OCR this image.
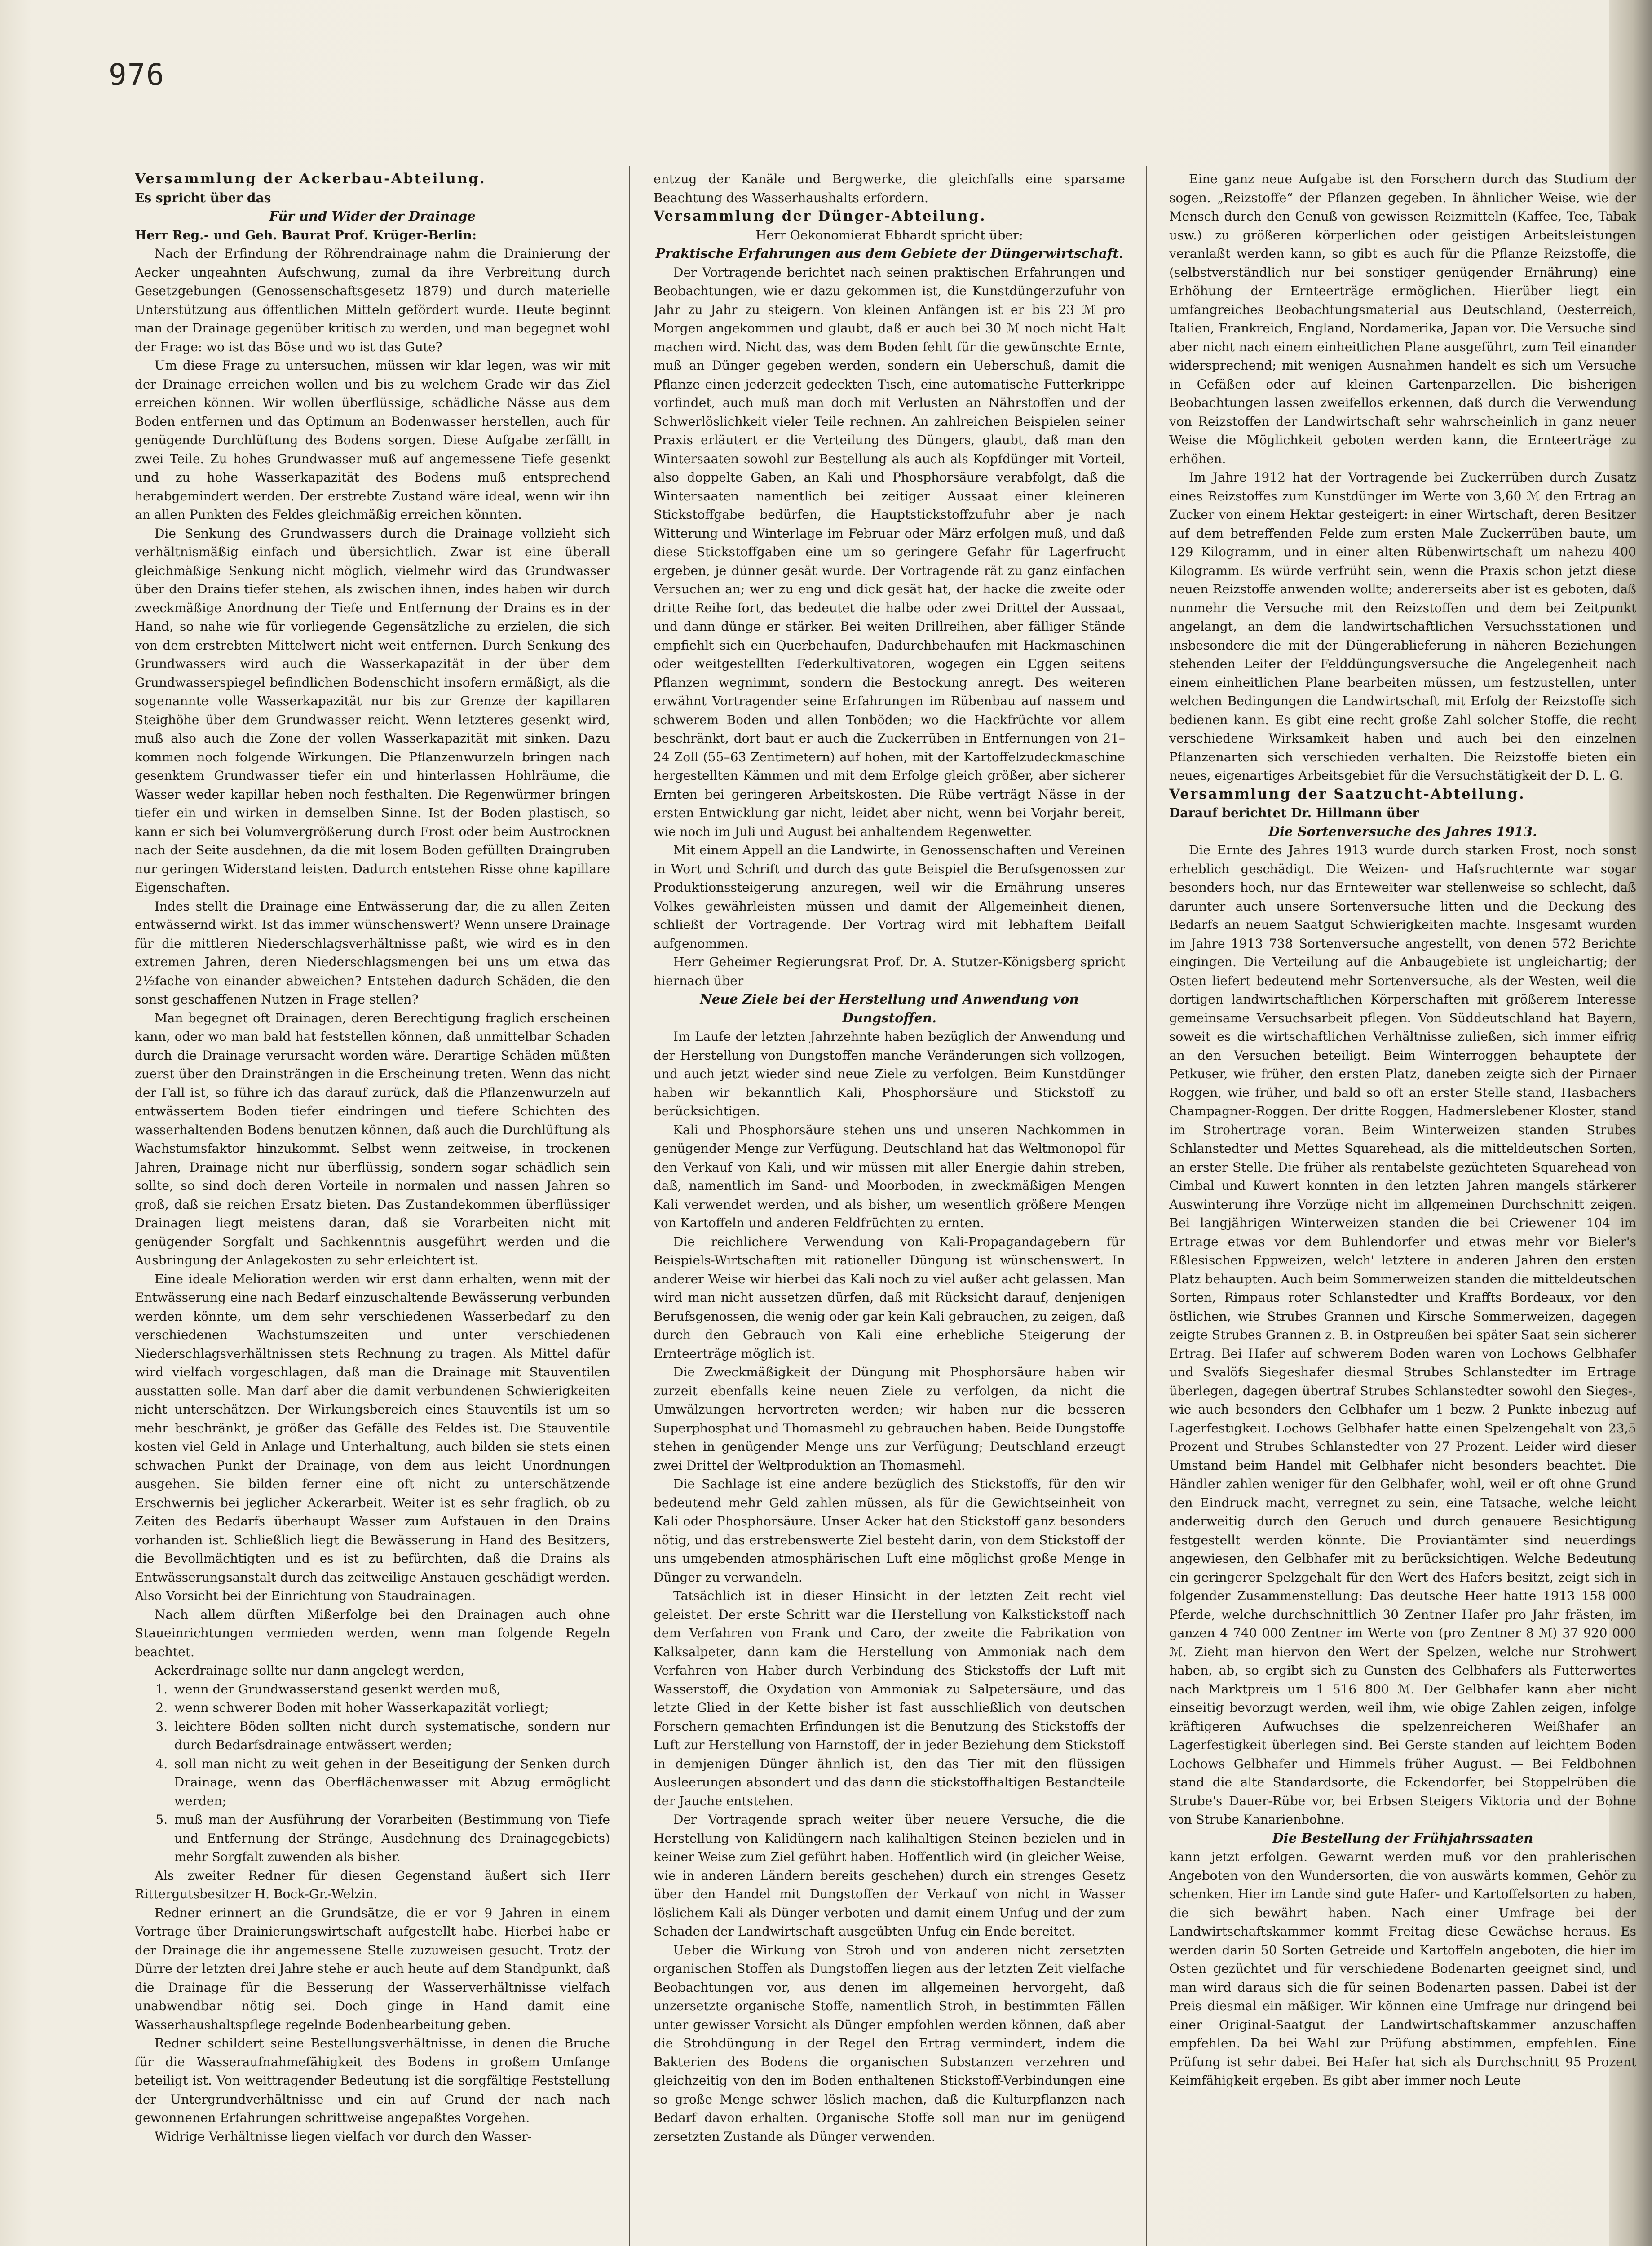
976
Versammlung der Ackerbau-Abteilung.

Es spricht über das

Für und Wider der Drainage

Herr Reg.- und Geh. Baurat Prof. Krüger-Berlin:

Nach der Erfindung der Röhrendrainage nahm die Drainierung der Aecker ungeahnten Aufschwung, zumal da ihre Verbreitung durch Gesetzgebungen (Genossenschaftsgesetz 1879) und durch materielle Unterstützung aus öffentlichen Mitteln gefördert wurde. Heute beginnt man der Drainage gegenüber kritisch zu werden, und man begegnet wohl der Frage: wo ist das Böse und wo ist das Gute?

Um diese Frage zu untersuchen, müssen wir klar legen, was wir mit der Drainage erreichen wollen und bis zu welchem Grade wir das Ziel erreichen können. Wir wollen überflüssige, schädliche Nässe aus dem Boden entfernen und das Optimum an Bodenwasser herstellen, auch für genügende Durchlüftung des Bodens sorgen. Diese Aufgabe zerfällt in zwei Teile. Zu hohes Grundwasser muß auf angemessene Tiefe gesenkt und zu hohe Wasserkapazität des Bodens muß entsprechend herabgemindert werden. Der erstrebte Zustand wäre ideal, wenn wir ihn an allen Punkten des Feldes gleichmäßig erreichen könnten.

Die Senkung des Grundwassers durch die Drainage vollzieht sich verhältnismäßig einfach und übersichtlich. Zwar ist eine überall gleichmäßige Senkung nicht möglich, vielmehr wird das Grundwasser über den Drains tiefer stehen, als zwischen ihnen, indes haben wir durch zweckmäßige Anordnung der Tiefe und Entfernung der Drains es in der Hand, so nahe wie für vorliegende Gegensätzliche zu erzielen, die sich von dem erstrebten Mittelwert nicht weit entfernen. Durch Senkung des Grundwassers wird auch die Wasserkapazität in der über dem Grundwasserspiegel befindlichen Bodenschicht insofern ermäßigt, als die sogenannte volle Wasserkapazität nur bis zur Grenze der kapillaren Steighöhe über dem Grundwasser reicht. Wenn letzteres gesenkt wird, muß also auch die Zone der vollen Wasserkapazität mit sinken. Dazu kommen noch folgende Wirkungen. Die Pflanzenwurzeln bringen nach gesenktem Grundwasser tiefer ein und hinterlassen Hohlräume, die Wasser weder kapillar heben noch festhalten. Die Regenwürmer bringen tiefer ein und wirken in demselben Sinne. Ist der Boden plastisch, so kann er sich bei Volumvergrößerung durch Frost oder beim Austrocknen nach der Seite ausdehnen, da die mit losem Boden gefüllten Draingruben nur geringen Widerstand leisten. Dadurch entstehen Risse ohne kapillare Eigenschaften.

Indes stellt die Drainage eine Entwässerung dar, die zu allen Zeiten entwässernd wirkt. Ist das immer wünschenswert? Wenn unsere Drainage für die mittleren Niederschlagsverhältnisse paßt, wie wird es in den extremen Jahren, deren Niederschlagsmengen bei uns um etwa das 2½fache von einander abweichen? Entstehen dadurch Schäden, die den sonst geschaffenen Nutzen in Frage stellen?

Man begegnet oft Drainagen, deren Berechtigung fraglich erscheinen kann, oder wo man bald hat feststellen können, daß unmittelbar Schaden durch die Drainage verursacht worden wäre. Derartige Schäden müßten zuerst über den Drainsträngen in die Erscheinung treten. Wenn das nicht der Fall ist, so führe ich das darauf zurück, daß die Pflanzenwurzeln auf entwässertem Boden tiefer eindringen und tiefere Schichten des wasserhaltenden Bodens benutzen können, daß auch die Durchlüftung als Wachstumsfaktor hinzukommt. Selbst wenn zeitweise, in trockenen Jahren, Drainage nicht nur überflüssig, sondern sogar schädlich sein sollte, so sind doch deren Vorteile in normalen und nassen Jahren so groß, daß sie reichen Ersatz bieten. Das Zustandekommen überflüssiger Drainagen liegt meistens daran, daß sie Vorarbeiten nicht mit genügender Sorgfalt und Sachkenntnis ausgeführt werden und die Ausbringung der Anlagekosten zu sehr erleichtert ist.

Eine ideale Melioration werden wir erst dann erhalten, wenn mit der Entwässerung eine nach Bedarf einzuschaltende Bewässerung verbunden werden könnte, um dem sehr verschiedenen Wasserbedarf zu den verschiedenen Wachstumszeiten und unter verschiedenen Niederschlagsverhältnissen stets Rechnung zu tragen. Als Mittel dafür wird vielfach vorgeschlagen, daß man die Drainage mit Stauventilen ausstatten solle. Man darf aber die damit verbundenen Schwierigkeiten nicht unterschätzen. Der Wirkungsbereich eines Stauventils ist um so mehr beschränkt, je größer das Gefälle des Feldes ist. Die Stauventile kosten viel Geld in Anlage und Unterhaltung, auch bilden sie stets einen schwachen Punkt der Drainage, von dem aus leicht Unordnungen ausgehen. Sie bilden ferner eine oft nicht zu unterschätzende Erschwernis bei jeglicher Ackerarbeit. Weiter ist es sehr fraglich, ob zu Zeiten des Bedarfs überhaupt Wasser zum Aufstauen in den Drains vorhanden ist. Schließlich liegt die Bewässerung in Hand des Besitzers, die Bevollmächtigten und es ist zu befürchten, daß die Drains als Entwässerungsanstalt durch das zeitweilige Anstauen geschädigt werden. Also Vorsicht bei der Einrichtung von Staudrainagen.

Nach allem dürften Mißerfolge bei den Drainagen auch ohne Staueinrichtungen vermieden werden, wenn man folgende Regeln beachtet.

Ackerdrainage sollte nur dann angelegt werden,

1. wenn der Grundwasserstand gesenkt werden muß,
2. wenn schwerer Boden mit hoher Wasserkapazität vorliegt;
3. leichtere Böden sollten nicht durch systematische, sondern nur durch Bedarfsdrainage entwässert werden;
4. soll man nicht zu weit gehen in der Beseitigung der Senken durch Drainage, wenn das Oberflächenwasser mit Abzug ermöglicht werden;
5. muß man der Ausführung der Vorarbeiten (Bestimmung von Tiefe und Entfernung der Stränge, Ausdehnung des Drainagegebiets) mehr Sorgfalt zuwenden als bisher.

Als zweiter Redner für diesen Gegenstand äußert sich Herr Rittergutsbesitzer H. Bock-Gr.-Welzin.

Redner erinnert an die Grundsätze, die er vor 9 Jahren in einem Vortrage über Drainierungswirtschaft aufgestellt habe. Hierbei habe er der Drainage die ihr angemessene Stelle zuzuweisen gesucht. Trotz der Dürre der letzten drei Jahre stehe er auch heute auf dem Standpunkt, daß die Drainage für die Besserung der Wasserverhältnisse vielfach unabwendbar nötig sei. Doch ginge in Hand damit eine Wasserhaushaltspflege regelnde Bodenbearbeitung geben.

Redner schildert seine Bestellungsverhältnisse, in denen die Bruche für die Wasseraufnahmefähigkeit des Bodens in großem Umfange beteiligt ist. Von weittragender Bedeutung ist die sorgfältige Feststellung der Untergrundverhältnisse und ein auf Grund der nach nach gewonnenen Erfahrungen schrittweise angepaßtes Vorgehen.

Widrige Verhältnisse liegen vielfach vor durch den Wasser-

entzug der Kanäle und Bergwerke, die gleichfalls eine sparsame Beachtung des Wasserhaushalts erfordern.

Versammlung der Dünger-Abteilung.

Herr Oekonomierat Ebhardt spricht über:

Praktische Erfahrungen aus dem Gebiete der Düngerwirtschaft.

Der Vortragende berichtet nach seinen praktischen Erfahrungen und Beobachtungen, wie er dazu gekommen ist, die Kunstdüngerzufuhr von Jahr zu Jahr zu steigern. Von kleinen Anfängen ist er bis 23 ℳ pro Morgen angekommen und glaubt, daß er auch bei 30 ℳ noch nicht Halt machen wird. Nicht das, was dem Boden fehlt für die gewünschte Ernte, muß an Dünger gegeben werden, sondern ein Ueberschuß, damit die Pflanze einen jederzeit gedeckten Tisch, eine automatische Futterkrippe vorfindet, auch muß man doch mit Verlusten an Nährstoffen und der Schwerlöslichkeit vieler Teile rechnen. An zahlreichen Beispielen seiner Praxis erläutert er die Verteilung des Düngers, glaubt, daß man den Wintersaaten sowohl zur Bestellung als auch als Kopfdünger mit Vorteil, also doppelte Gaben, an Kali und Phosphorsäure verabfolgt, daß die Wintersaaten namentlich bei zeitiger Aussaat einer kleineren Stickstoffgabe bedürfen, die Hauptstickstoffzufuhr aber je nach Witterung und Winterlage im Februar oder März erfolgen muß, und daß diese Stickstoffgaben eine um so geringere Gefahr für Lagerfrucht ergeben, je dünner gesät wurde. Der Vortragende rät zu ganz einfachen Versuchen an; wer zu eng und dick gesät hat, der hacke die zweite oder dritte Reihe fort, das bedeutet die halbe oder zwei Drittel der Aussaat, und dann dünge er stärker. Bei weiten Drillreihen, aber fälliger Stände empfiehlt sich ein Querbehaufen, Dadurchbehaufen mit Hackmaschinen oder weitgestellten Federkultivatoren, wogegen ein Eggen seitens Pflanzen wegnimmt, sondern die Bestockung anregt. Des weiteren erwähnt Vortragender seine Erfahrungen im Rübenbau auf nassem und schwerem Boden und allen Tonböden; wo die Hackfrüchte vor allem beschränkt, dort baut er auch die Zuckerrüben in Entfernungen von 21–24 Zoll (55–63 Zentimetern) auf hohen, mit der Kartoffelzudeckmaschine hergestellten Kämmen und mit dem Erfolge gleich größer, aber sicherer Ernten bei geringeren Arbeitskosten. Die Rübe verträgt Nässe in der ersten Entwicklung gar nicht, leidet aber nicht, wenn bei Vorjahr bereit, wie noch im Juli und August bei anhaltendem Regenwetter.

Mit einem Appell an die Landwirte, in Genossenschaften und Vereinen in Wort und Schrift und durch das gute Beispiel die Berufsgenossen zur Produktionssteigerung anzuregen, weil wir die Ernährung unseres Volkes gewährleisten müssen und damit der Allgemeinheit dienen, schließt der Vortragende. Der Vortrag wird mit lebhaftem Beifall aufgenommen.

Herr Geheimer Regierungsrat Prof. Dr. A. Stutzer-Königsberg spricht hiernach über

Neue Ziele bei der Herstellung und Anwendung von Dungstoffen.

Im Laufe der letzten Jahrzehnte haben bezüglich der Anwendung und der Herstellung von Dungstoffen manche Veränderungen sich vollzogen, und auch jetzt wieder sind neue Ziele zu verfolgen. Beim Kunstdünger haben wir bekanntlich Kali, Phosphorsäure und Stickstoff zu berücksichtigen.

Kali und Phosphorsäure stehen uns und unseren Nachkommen in genügender Menge zur Verfügung. Deutschland hat das Weltmonopol für den Verkauf von Kali, und wir müssen mit aller Energie dahin streben, daß, namentlich im Sand- und Moorboden, in zweckmäßigen Mengen Kali verwendet werden, und als bisher, um wesentlich größere Mengen von Kartoffeln und anderen Feldfrüchten zu ernten.

Die reichlichere Verwendung von Kali-Propagandagebern für Beispiels-Wirtschaften mit rationeller Düngung ist wünschenswert. In anderer Weise wir hierbei das Kali noch zu viel außer acht gelassen. Man wird man nicht aussetzen dürfen, daß mit Rücksicht darauf, denjenigen Berufsgenossen, die wenig oder gar kein Kali gebrauchen, zu zeigen, daß durch den Gebrauch von Kali eine erhebliche Steigerung der Ernteerträge möglich ist.

Die Zweckmäßigkeit der Düngung mit Phosphorsäure haben wir zurzeit ebenfalls keine neuen Ziele zu verfolgen, da nicht die Umwälzungen hervortreten werden; wir haben nur die besseren Superphosphat und Thomasmehl zu gebrauchen haben. Beide Dungstoffe stehen in genügender Menge uns zur Verfügung; Deutschland erzeugt zwei Drittel der Weltproduktion an Thomasmehl.

Die Sachlage ist eine andere bezüglich des Stickstoffs, für den wir bedeutend mehr Geld zahlen müssen, als für die Gewichtseinheit von Kali oder Phosphorsäure. Unser Acker hat den Stickstoff ganz besonders nötig, und das erstrebenswerte Ziel besteht darin, von dem Stickstoff der uns umgebenden atmosphärischen Luft eine möglichst große Menge in Dünger zu verwandeln.

Tatsächlich ist in dieser Hinsicht in der letzten Zeit recht viel geleistet. Der erste Schritt war die Herstellung von Kalkstickstoff nach dem Verfahren von Frank und Caro, der zweite die Fabrikation von Kalksalpeter, dann kam die Herstellung von Ammoniak nach dem Verfahren von Haber durch Verbindung des Stickstoffs der Luft mit Wasserstoff, die Oxydation von Ammoniak zu Salpetersäure, und das letzte Glied in der Kette bisher ist fast ausschließlich von deutschen Forschern gemachten Erfindungen ist die Benutzung des Stickstoffs der Luft zur Herstellung von Harnstoff, der in jeder Beziehung dem Stickstoff in demjenigen Dünger ähnlich ist, den das Tier mit den flüssigen Ausleerungen absondert und das dann die stickstoffhaltigen Bestandteile der Jauche entstehen.

Der Vortragende sprach weiter über neuere Versuche, die die Herstellung von Kalidüngern nach kalihaltigen Steinen bezielen und in keiner Weise zum Ziel geführt haben. Hoffentlich wird (in gleicher Weise, wie in anderen Ländern bereits geschehen) durch ein strenges Gesetz über den Handel mit Dungstoffen der Verkauf von nicht in Wasser löslichem Kali als Dünger verboten und damit einem Unfug und der zum Schaden der Landwirtschaft ausgeübten Unfug ein Ende bereitet.

Ueber die Wirkung von Stroh und von anderen nicht zersetzten organischen Stoffen als Dungstoffen liegen aus der letzten Zeit vielfache Beobachtungen vor, aus denen im allgemeinen hervorgeht, daß unzersetzte organische Stoffe, namentlich Stroh, in bestimmten Fällen unter gewisser Vorsicht als Dünger empfohlen werden können, daß aber die Strohdüngung in der Regel den Ertrag vermindert, indem die Bakterien des Bodens die organischen Substanzen verzehren und gleichzeitig von den im Boden enthaltenen Stickstoff-Verbindungen eine so große Menge schwer löslich machen, daß die Kulturpflanzen nach Bedarf davon erhalten. Organische Stoffe soll man nur im genügend zersetzten Zustande als Dünger verwenden.

Eine ganz neue Aufgabe ist den Forschern durch das Studium der sogen. „Reizstoffe“ der Pflanzen gegeben. In ähnlicher Weise, wie der Mensch durch den Genuß von gewissen Reizmitteln (Kaffee, Tee, Tabak usw.) zu größeren körperlichen oder geistigen Arbeitsleistungen veranlaßt werden kann, so gibt es auch für die Pflanze Reizstoffe, die (selbstverständlich nur bei sonstiger genügender Ernährung) eine Erhöhung der Ernteerträge ermöglichen. Hierüber liegt ein umfangreiches Beobachtungsmaterial aus Deutschland, Oesterreich, Italien, Frankreich, England, Nordamerika, Japan vor. Die Versuche sind aber nicht nach einem einheitlichen Plane ausgeführt, zum Teil einander widersprechend; mit wenigen Ausnahmen handelt es sich um Versuche in Gefäßen oder auf kleinen Gartenparzellen. Die bisherigen Beobachtungen lassen zweifellos erkennen, daß durch die Verwendung von Reizstoffen der Landwirtschaft sehr wahrscheinlich in ganz neuer Weise die Möglichkeit geboten werden kann, die Ernteerträge zu erhöhen.

Im Jahre 1912 hat der Vortragende bei Zuckerrüben durch Zusatz eines Reizstoffes zum Kunstdünger im Werte von 3,60 ℳ den Ertrag an Zucker von einem Hektar gesteigert: in einer Wirtschaft, deren Besitzer auf dem betreffenden Felde zum ersten Male Zuckerrüben baute, um 129 Kilogramm, und in einer alten Rübenwirtschaft um nahezu 400 Kilogramm. Es würde verfrüht sein, wenn die Praxis schon jetzt diese neuen Reizstoffe anwenden wollte; andererseits aber ist es geboten, daß nunmehr die Versuche mit den Reizstoffen und dem bei Zeitpunkt angelangt, an dem die landwirtschaftlichen Versuchsstationen und insbesondere die mit der Düngerablieferung in näheren Beziehungen stehenden Leiter der Felddüngungsversuche die Angelegenheit nach einem einheitlichen Plane bearbeiten müssen, um festzustellen, unter welchen Bedingungen die Landwirtschaft mit Erfolg der Reizstoffe sich bedienen kann. Es gibt eine recht große Zahl solcher Stoffe, die recht verschiedene Wirksamkeit haben und auch bei den einzelnen Pflanzenarten sich verschieden verhalten. Die Reizstoffe bieten ein neues, eigenartiges Arbeitsgebiet für die Versuchstätigkeit der D. L. G.

Versammlung der Saatzucht-Abteilung.

Darauf berichtet Dr. Hillmann über

Die Sortenversuche des Jahres 1913.

Die Ernte des Jahres 1913 wurde durch starken Frost, noch sonst erheblich geschädigt. Die Weizen- und Hafsruchternte war sogar besonders hoch, nur das Ernteweiter war stellenweise so schlecht, daß darunter auch unsere Sortenversuche litten und die Deckung des Bedarfs an neuem Saatgut Schwierigkeiten machte. Insgesamt wurden im Jahre 1913 738 Sortenversuche angestellt, von denen 572 Berichte eingingen. Die Verteilung auf die Anbaugebiete ist ungleichartig; der Osten liefert bedeutend mehr Sortenversuche, als der Westen, weil die dortigen landwirtschaftlichen Körperschaften mit größerem Interesse gemeinsame Versuchsarbeit pflegen. Von Süddeutschland hat Bayern, soweit es die wirtschaftlichen Verhältnisse zuließen, sich immer eifrig an den Versuchen beteiligt. Beim Winterroggen behauptete der Petkuser, wie früher, den ersten Platz, daneben zeigte sich der Pirnaer Roggen, wie früher, und bald so oft an erster Stelle stand, Hasbachers Champagner-Roggen. Der dritte Roggen, Hadmerslebener Kloster, stand im Strohertrage voran. Beim Winterweizen standen Strubes Schlanstedter und Mettes Squarehead, als die mitteldeutschen Sorten, an erster Stelle. Die früher als rentabelste gezüchteten Squarehead von Cimbal und Kuwert konnten in den letzten Jahren mangels stärkerer Auswinterung ihre Vorzüge nicht im allgemeinen Durchschnitt zeigen. Bei langjährigen Winterweizen standen die bei Criewener 104 im Ertrage etwas vor dem Buhlendorfer und etwas mehr vor Bieler's Eßlesischen Eppweizen, welch' letztere in anderen Jahren den ersten Platz behaupten. Auch beim Sommerweizen standen die mitteldeutschen Sorten, Rimpaus roter Schlanstedter und Kraffts Bordeaux, vor den östlichen, wie Strubes Grannen und Kirsche Sommerweizen, dagegen zeigte Strubes Grannen z. B. in Ostpreußen bei später Saat sein sicherer Ertrag. Bei Hafer auf schwerem Boden waren von Lochows Gelbhafer und Svalöfs Siegeshafer diesmal Strubes Schlanstedter im Ertrage überlegen, dagegen übertraf Strubes Schlanstedter sowohl den Sieges-, wie auch besonders den Gelbhafer um 1 bezw. 2 Punkte inbezug auf Lagerfestigkeit. Lochows Gelbhafer hatte einen Spelzengehalt von 23,5 Prozent und Strubes Schlanstedter von 27 Prozent. Leider wird dieser Umstand beim Handel mit Gelbhafer nicht besonders beachtet. Die Händler zahlen weniger für den Gelbhafer, wohl, weil er oft ohne Grund den Eindruck macht, verregnet zu sein, eine Tatsache, welche leicht anderweitig durch den Geruch und durch genauere Besichtigung festgestellt werden könnte. Die Proviantämter sind neuerdings angewiesen, den Gelbhafer mit zu berücksichtigen. Welche Bedeutung ein geringerer Spelzgehalt für den Wert des Hafers besitzt, zeigt sich in folgender Zusammenstellung: Das deutsche Heer hatte 1913 158 000 Pferde, welche durchschnittlich 30 Zentner Hafer pro Jahr frästen, im ganzen 4 740 000 Zentner im Werte von (pro Zentner 8 ℳ) 37 920 000 ℳ. Zieht man hiervon den Wert der Spelzen, welche nur Strohwert haben, ab, so ergibt sich zu Gunsten des Gelbhafers als Futterwertes nach Marktpreis um 1 516 800 ℳ. Der Gelbhafer kann aber nicht einseitig bevorzugt werden, weil ihm, wie obige Zahlen zeigen, infolge kräftigeren Aufwuchses die spelzenreicheren Weißhafer an Lagerfestigkeit überlegen sind. Bei Gerste standen auf leichtem Boden Lochows Gelbhafer und Himmels früher August. — Bei Feldbohnen stand die alte Standardsorte, die Eckendorfer, bei Stoppelrüben die Strube's Dauer-Rübe vor, bei Erbsen Steigers Viktoria und der Bohne von Strube Kanarienbohne.

Die Bestellung der Frühjahrssaaten

kann jetzt erfolgen. Gewarnt werden muß vor den prahlerischen Angeboten von den Wundersorten, die von auswärts kommen, Gehör zu schenken. Hier im Lande sind gute Hafer- und Kartoffelsorten zu haben, die sich bewährt haben. Nach einer Umfrage bei der Landwirtschaftskammer kommt Freitag diese Gewächse heraus. Es werden darin 50 Sorten Getreide und Kartoffeln angeboten, die hier im Osten gezüchtet und für verschiedene Bodenarten geeignet sind, und man wird daraus sich die für seinen Bodenarten passen. Dabei ist der Preis diesmal ein mäßiger. Wir können eine Umfrage nur dringend bei einer Original-Saatgut der Landwirtschaftskammer anzuschaffen empfehlen. Da bei Wahl zur Prüfung abstimmen, empfehlen. Eine Prüfung ist sehr dabei. Bei Hafer hat sich als Durchschnitt 95 Prozent Keimfähigkeit ergeben. Es gibt aber immer noch Leute
